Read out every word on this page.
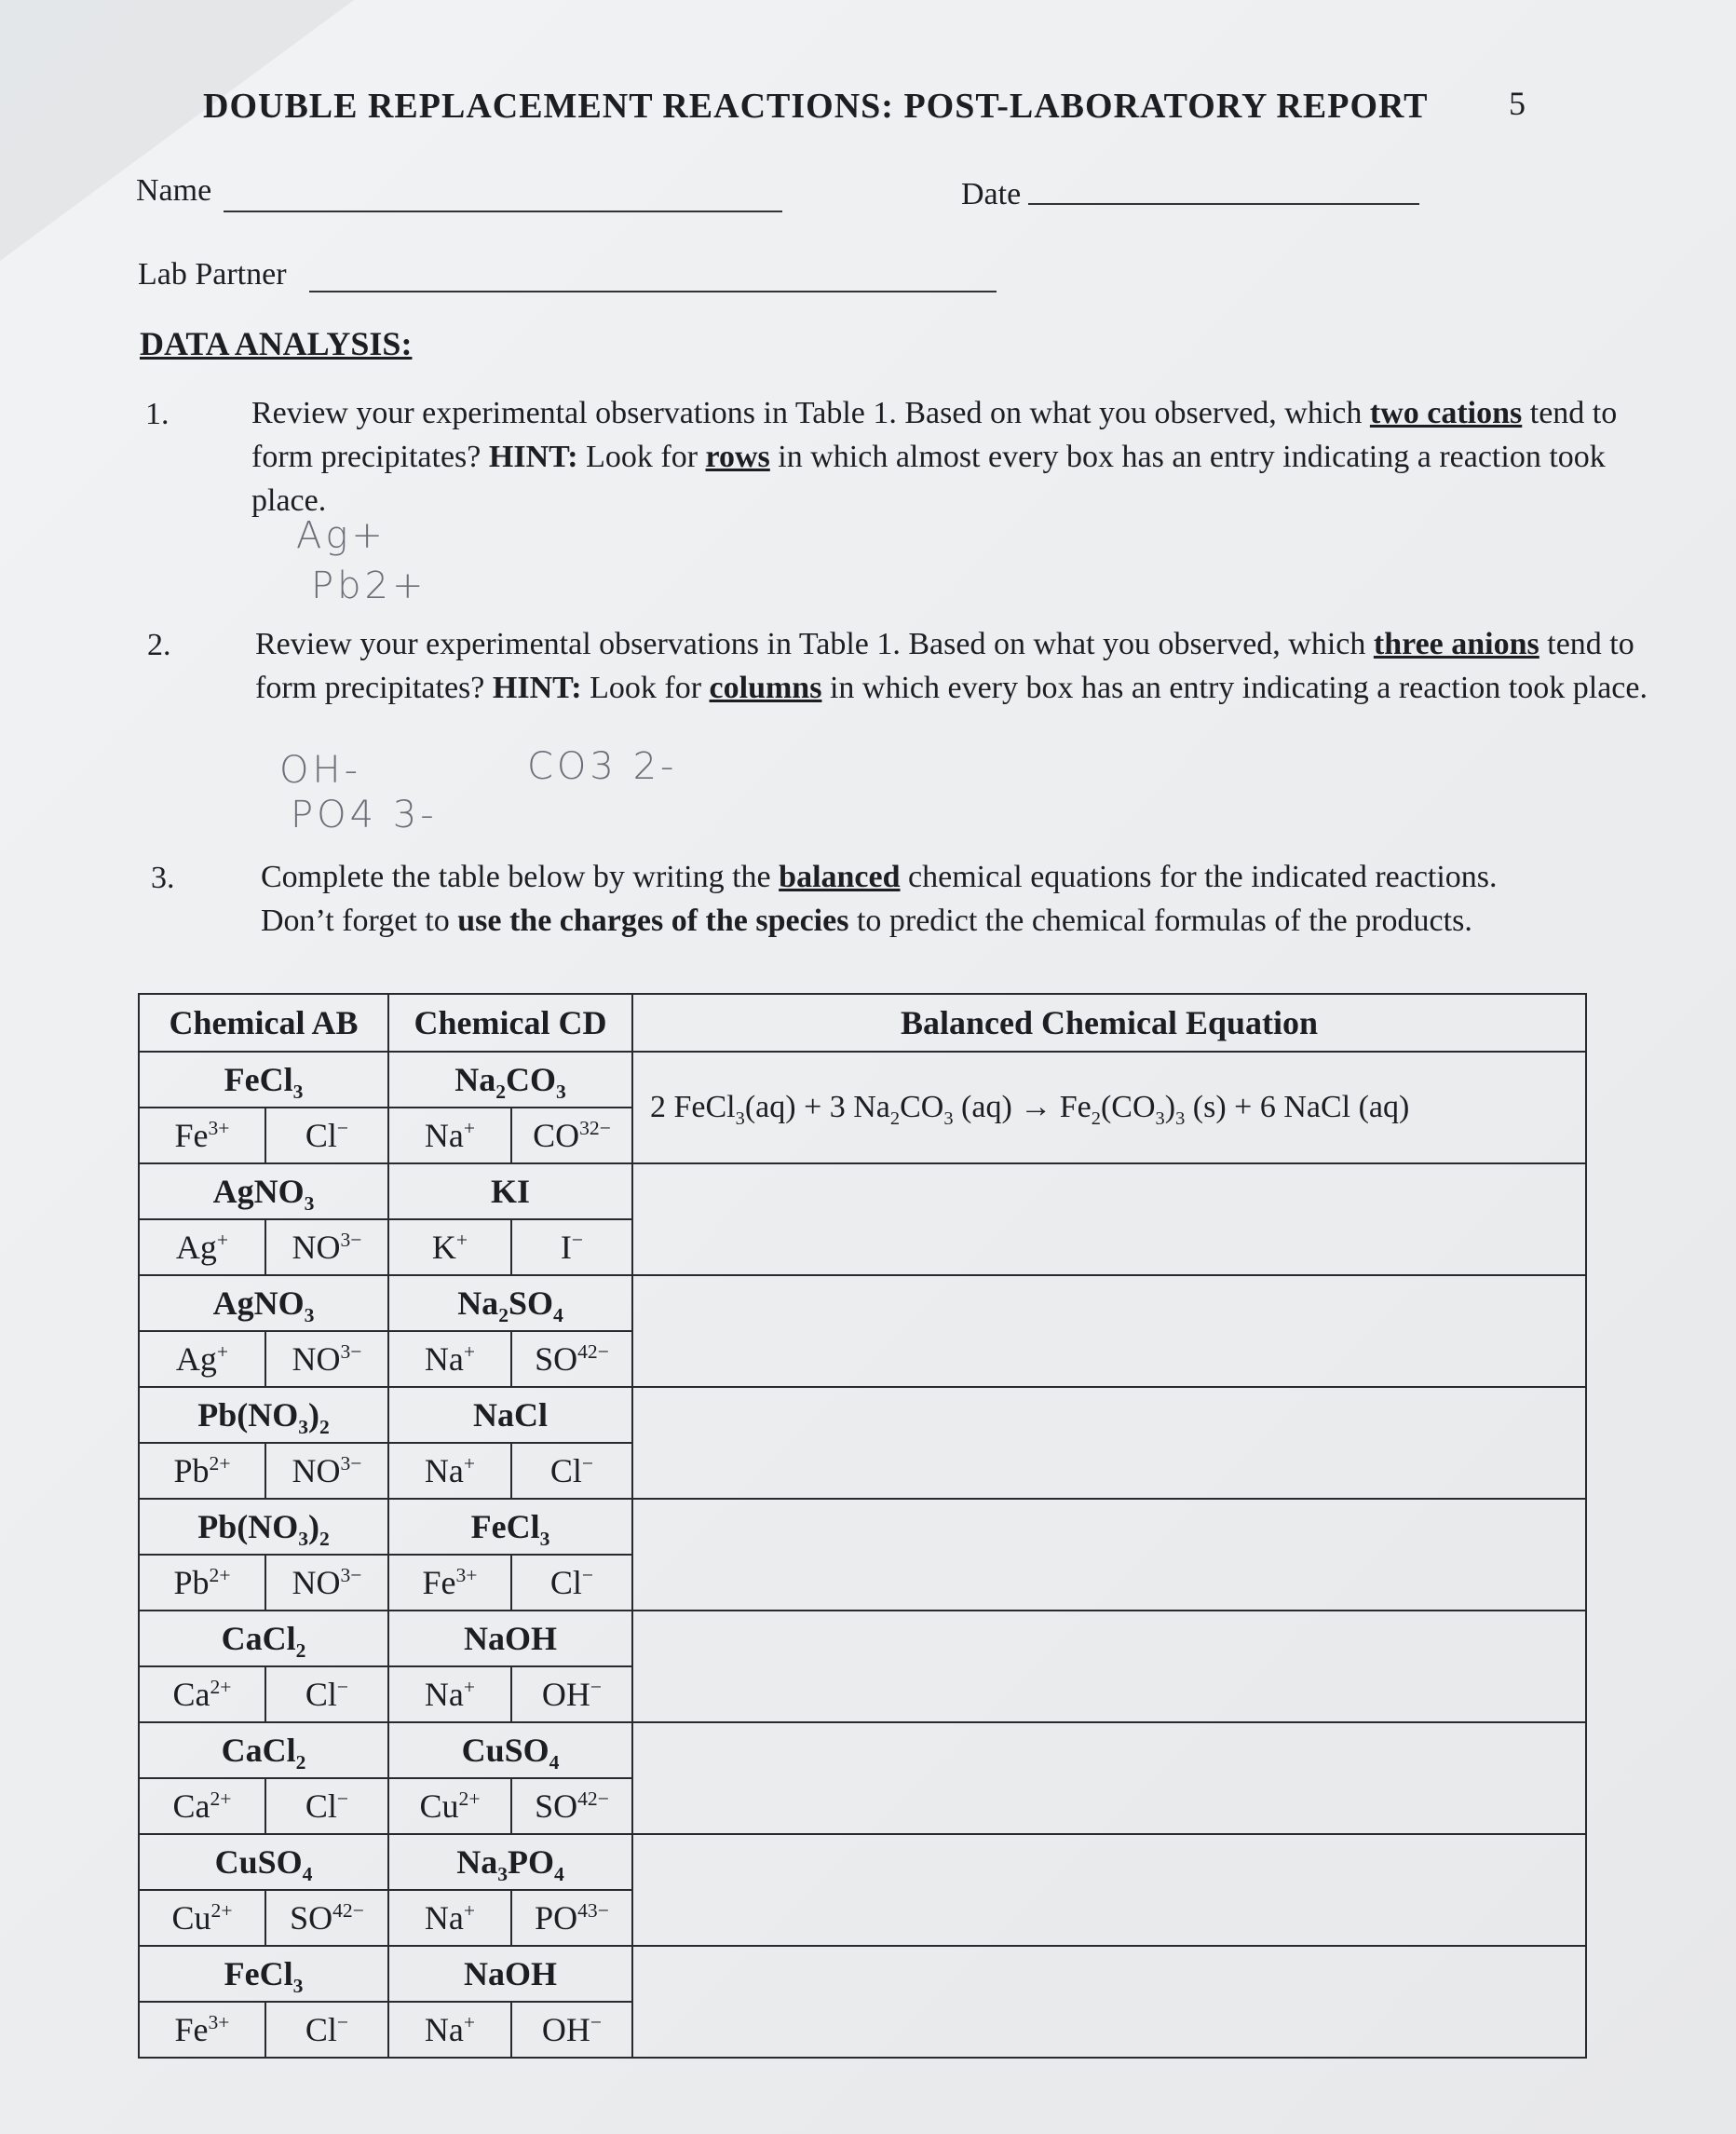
DOUBLE REPLACEMENT REACTIONS: POST-LABORATORY REPORT 5
Name	Date
Lab Partner
DATA ANALYSIS:
1.	Review your experimental observations in Table 1. Based on what you observed, which two cations tend to form precipitates? HINT: Look for rows in which almost every box has an entry indicating a reaction took place.
Ag+
Pb2+
2.	Review your experimental observations in Table 1. Based on what you observed, which three anions tend to form precipitates? HINT: Look for columns in which every box has an entry indicating a reaction took place.
OH-	CO3 2-
PO4 3-
3.	Complete the table below by writing the balanced chemical equations for the indicated reactions. Don’t forget to use the charges of the species to predict the chemical formulas of the products.
Chemical AB		Chemical CD		Balanced Chemical Equation
FeCl$_3$		$Na_2CO_3$		2 FeCl$_3$(aq) + 3 $Na_2CO_3$ $(aq) \to Fe_2(CO_3)_3$ (s) + 6 NaCl (aq)
$Fe^{3+}$	Cl−	Na+	$CO^{32-}$
AgNO$_3$		KI		
Ag+	$NO^{3-}$	K+	I−
AgNO$_3$		$Na_2SO_4$	
Ag+	$NO^{3-}$	Na+	$SO^{42-}$
$Pb(NO_3)_2$		NaCl		
$Pb^{2+}$	$NO^{3-}$	Na+	Cl−
$Pb(NO_3)_2$		FeCl$_3$	
$Pb^{2+}$	$NO^{3-}$	$Fe^{3+}$	Cl−
CaCl$_2$		NaOH		
$Ca^{2+}$	Cl−	Na+	OH−
CaCl$_2$		CuSO$_4$	
$Ca^{2+}$	Cl−	$Cu^{2+}$	$SO^{42-}$
CuSO$_4$		$Na_3PO_4$	
$Cu^{2+}$	$SO^{42-}$	Na+	$PO^{43-}$
FeCl$_3$		NaOH		
$Fe^{3+}$	Cl−	Na+	OH−
